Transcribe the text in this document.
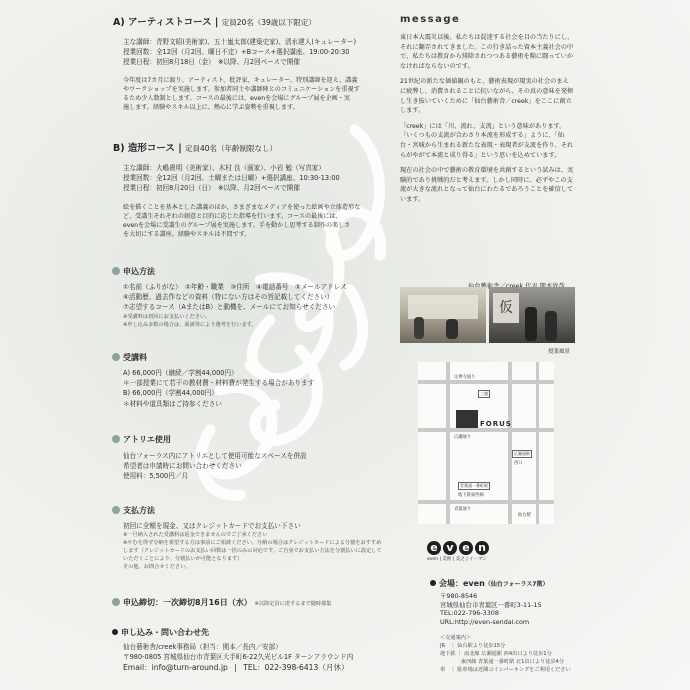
A) アーティストコース | 定員20名（39歳以下限定）
主な講師：青野文昭(美術家)、五十嵐太郎(建築史家)、清水建人(キュレーター)
授業回数：全12回（月2回、曜日不定）+Bコース+選択講座、19:00-20:30
授業日程：初回8月18日（金）　※以降、月2回ペースで開催
今年度は7カ月に渡り、アーティスト、批評家、キュレーター、特別講師を迎え、講義
やワークショップを実施します。参加者同士や講師陣とのコミュニケーションを重視す
るため少人数制とします。コースの最後には、evenを会場にグループ展を企画・実
施します。経験やスキル以上に、熱心に学ぶ姿勢を重視します。
B) 造形コース | 定員40名（年齢制限なし）
主な講師：大嶋貴明（美術家）、木村 良（画家）、小岩 勉（写真家）
授業回数：全12回（月2回、土曜または日曜）+選択講座、10:30-13:00
授業日程：初回8月20日（日）　※以降、月2回ペースで開催
絵を描くことを基本とした講義のほか、さまざまなメディアを使った絵画や立体造形な
ど、受講生それぞれの創意と目的に応じた指導を行います。コースの最後には、
evenを会場に受講生のグループ展を実施します。手を動かし思考する制作の楽しさ
を大切にする講座。経験やスキルは不問です。
申込方法
①名前（ふりがな）　②年齢・職業　③住所　④電話番号　⑤メールアドレス
⑥活動歴、過去作などの資料（特にない方はその旨記載してください）
⑦志望するコース（AまたはB）と動機を、メールにてお知らせください
※受講料は初回にお支払いください。
※申し込み多数の場合は、面談等により選考を行います。
受講料
A) 66,000円（継続／学割44,000円）
＊一部授業にて若干の教材費・材料費が発生する場合があります
B) 66,000円（学割44,000円）
＊材料や道具類はご持参ください
アトリエ使用
仙台フォーラス内にアトリエとして使用可能なスペースを併設
希望者は申請時にお問い合わせください
使用料：5,500円／月
支払方法
初回に全額を現金、又はクレジットカードでお支払い下さい
※一旦納入された受講料は返金できませんのでご了承ください
※やむを得ず分納を希望する方は事前にご相談ください。分納の場合はクレジットカードによる分割をおすすめ
します（クレジットカードのお支払い回数は一括のみの対応です。ご自身でお支払い方法を分割払いに設定して
いただくことにより、分割払いが可能となります）
その他、お問合せください。
申込締切：一次締切8月16日（水） ※以降定員に達するまで随時募集
申し込み・問い合わせ先
仙台藝術舎/creek事務局（担当：関本／長内／安部）
〒980-0805 宮城県仙台市青葉区大手町6-22久光ビル1F ターンアラウンド内
Email：info@turn-around.jp | TEL：022-398-6413（月休）
message

東日本大震災以後、私たちは混迷する社会を目の当たりにし、それに翻弄されてきました。この行き詰った資本主義社会の中で、私たちは教育から排除されつつある藝術を糧に闘っていかなければならないのです。

21世紀の新たな価値観のもと、藝術表現が現実の社会のまえに疲弊し、消費されることに抗いながら、その真の意味を発揮し生き抜いていくために「仙台藝術舎／creek」をここに創立します。

「creek」には「川、流れ、支流」という意味があります。「いくつもの支流が合わさり本流を形成する」ように、「仙台・宮城から生まれる新たな表現・表現者が支流を作り、それらがやがて本流と成り得る」という思いを込めています。

現在の社会の中で藝術の教育環境を共創するという試みは、実験的であり挑戦的だと考えます。しかし同時に、必ずやこの支流が大きな流れとなって仙台にわたるであろうことを確信しています。

仮
授業風景
定禅寺通り
三越
広瀬通り
広瀬通駅
西口
青葉通り
仙台駅
FORUS
青葉通一番町駅
地下鉄東西線
e v e n
even | 美術 | 美之 | イーブン
会場：even（仙台フォーラス7階）
〒980-8546
宮城県仙台市青葉区一番町3-11-15
TEL:022-796-3308
URL:http://even-sendai.com
＜交通案内＞
JR　｜ 仙台駅より徒歩15分
地下鉄 ｜ 南北線 広瀬通駅 西4出口より徒歩1分
　　　　東西線 青葉通一番町駅 北1出口より徒歩4分
車　｜ 駐車場は近隣コインパーキングをご利用ください
